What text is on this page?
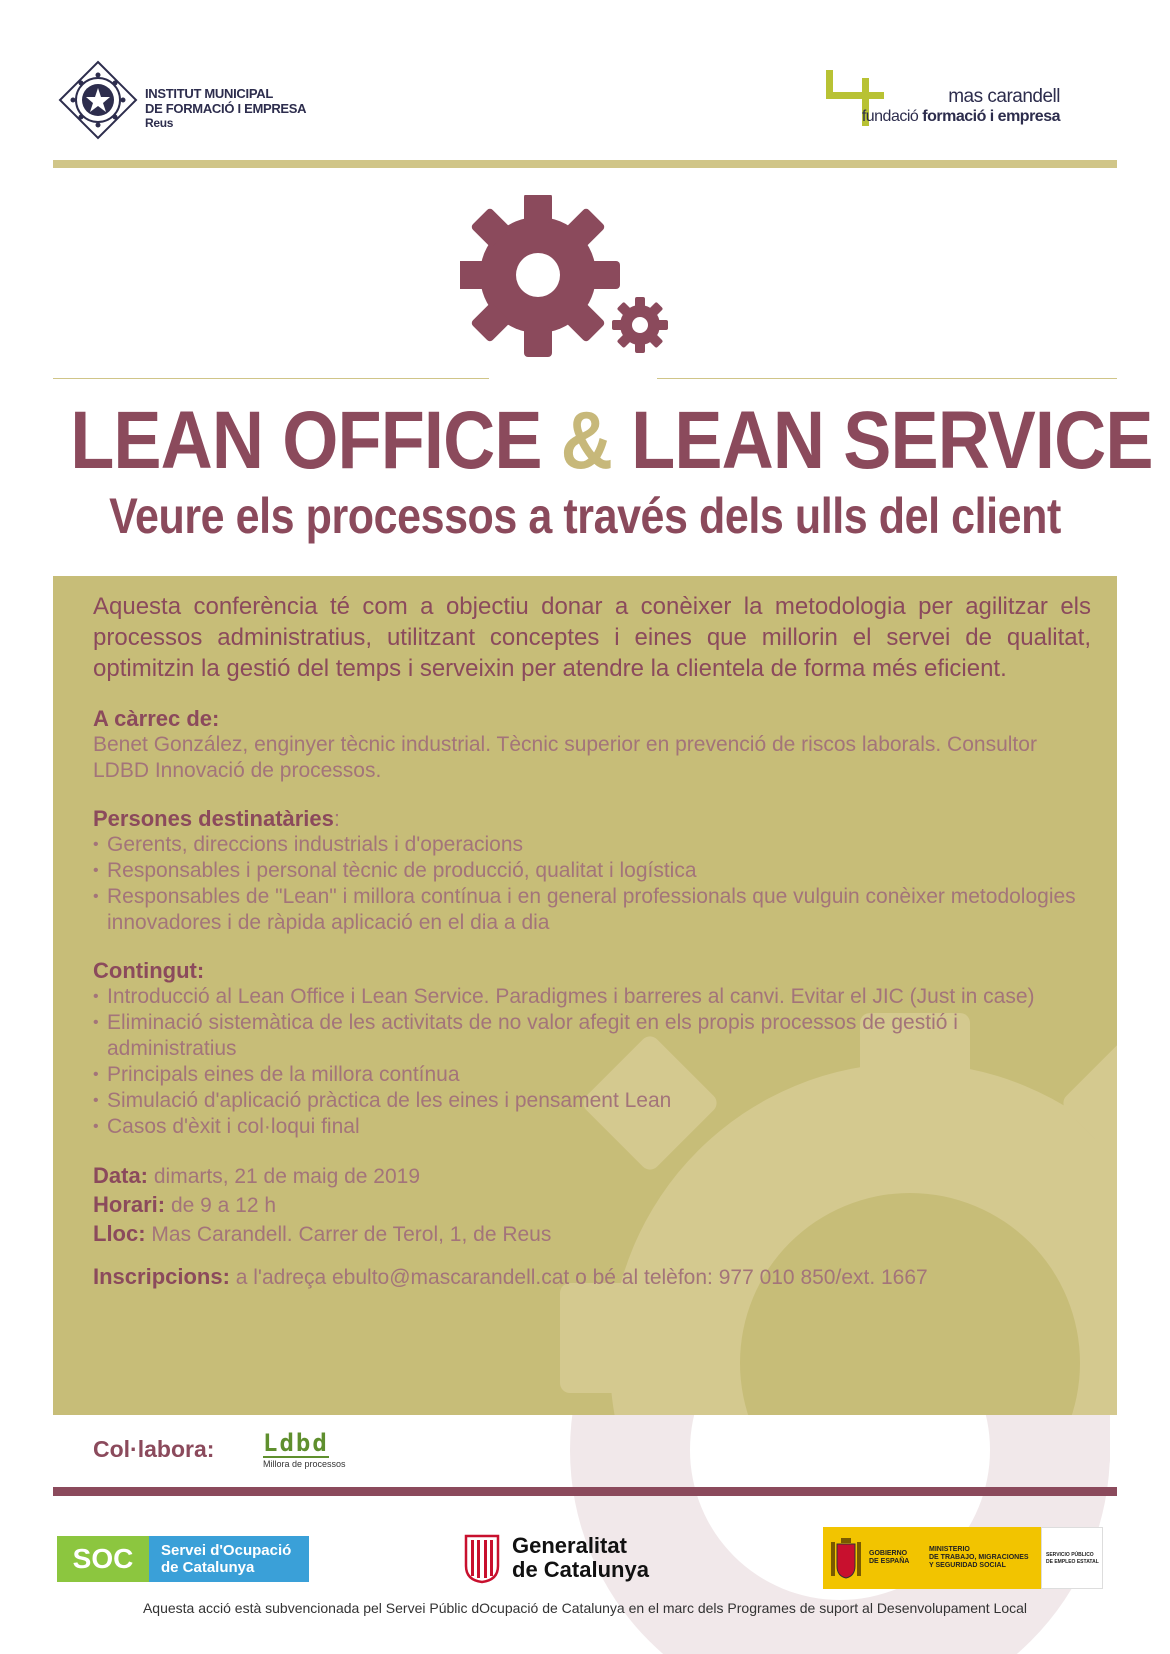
INSTITUT MUNICIPAL
DE FORMACIÓ I EMPRESA
Reus
mas carandell
fundació formació i empresa
LEAN OFFICE & LEAN SERVICE
Veure els processos a través dels ulls del client

Aquesta conferència té com a objectiu donar a conèixer la metodologia per agilitzar els processos administratius, utilitzant conceptes i eines que millorin el servei de qualitat, optimitzin la gestió del temps i serveixin per atendre la clientela de forma més eficient.

A càrrec de:
Benet González, enginyer tècnic industrial. Tècnic superior en prevenció de riscos laborals. Consultor LDBD Innovació de processos.
Persones destinatàries:
• Gerents, direccions industrials i d'operacions
• Responsables i personal tècnic de producció, qualitat i logística
• Responsables de "Lean" i millora contínua i en general professionals que vulguin conèixer metodologies innovadores i de ràpida aplicació en el dia a dia
Contingut:
• Introducció al Lean Office i Lean Service. Paradigmes i barreres al canvi. Evitar el JIC (Just in case)
• Eliminació sistemàtica de les activitats de no valor afegit en els propis processos de gestió i administratius
• Principals eines de la millora contínua
• Simulació d'aplicació pràctica de les eines i pensament Lean
• Casos d'èxit i col·loqui final
Data: dimarts, 21 de maig de 2019
Horari: de 9 a 12 h
Lloc: Mas Carandell. Carrer de Terol, 1, de Reus
Inscripcions: a l'adreça ebulto@mascarandell.cat o bé al telèfon: 977 010 850/ext. 1667
Col·labora: Ldbd
Millora de processos
SOC	Servei d'Ocupació
de Catalunya
Generalitat
de Catalunya
GOBIERNO
DE ESPAÑA
MINISTERIO
DE TRABAJO, MIGRACIONES
Y SEGURIDAD SOCIAL
SERVICIO PÚBLICO
DE EMPLEO ESTATAL
Aquesta acció està subvencionada pel Servei Públic dOcupació de Catalunya en el marc dels Programes de suport al Desenvolupament Local
